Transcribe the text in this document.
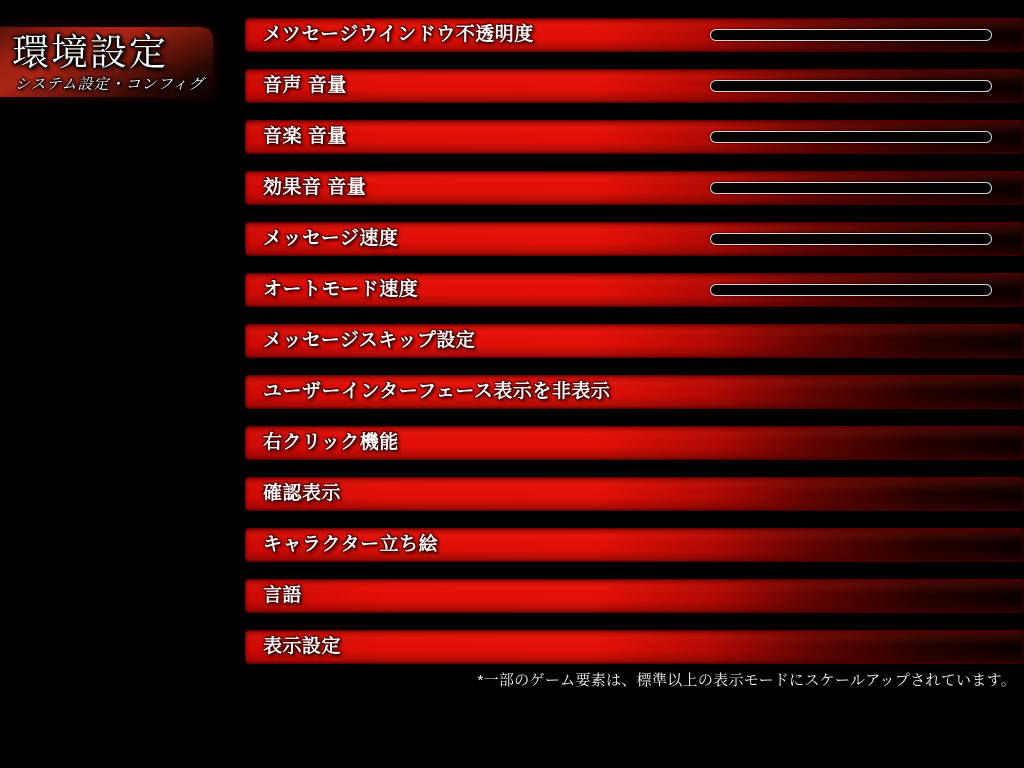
環境設定
システム設定・コンフィグ
メツセージウインドウ不透明度
音声 音量
音楽 音量
効果音 音量
メッセージ速度
オートモード速度
メッセージスキップ設定
ユーザーインターフェース表示を非表示
右クリック機能
確認表示
キャラクター立ち絵
言語
表示設定
*一部のゲーム要素は、標準以上の表示モードにスケールアップされています。
